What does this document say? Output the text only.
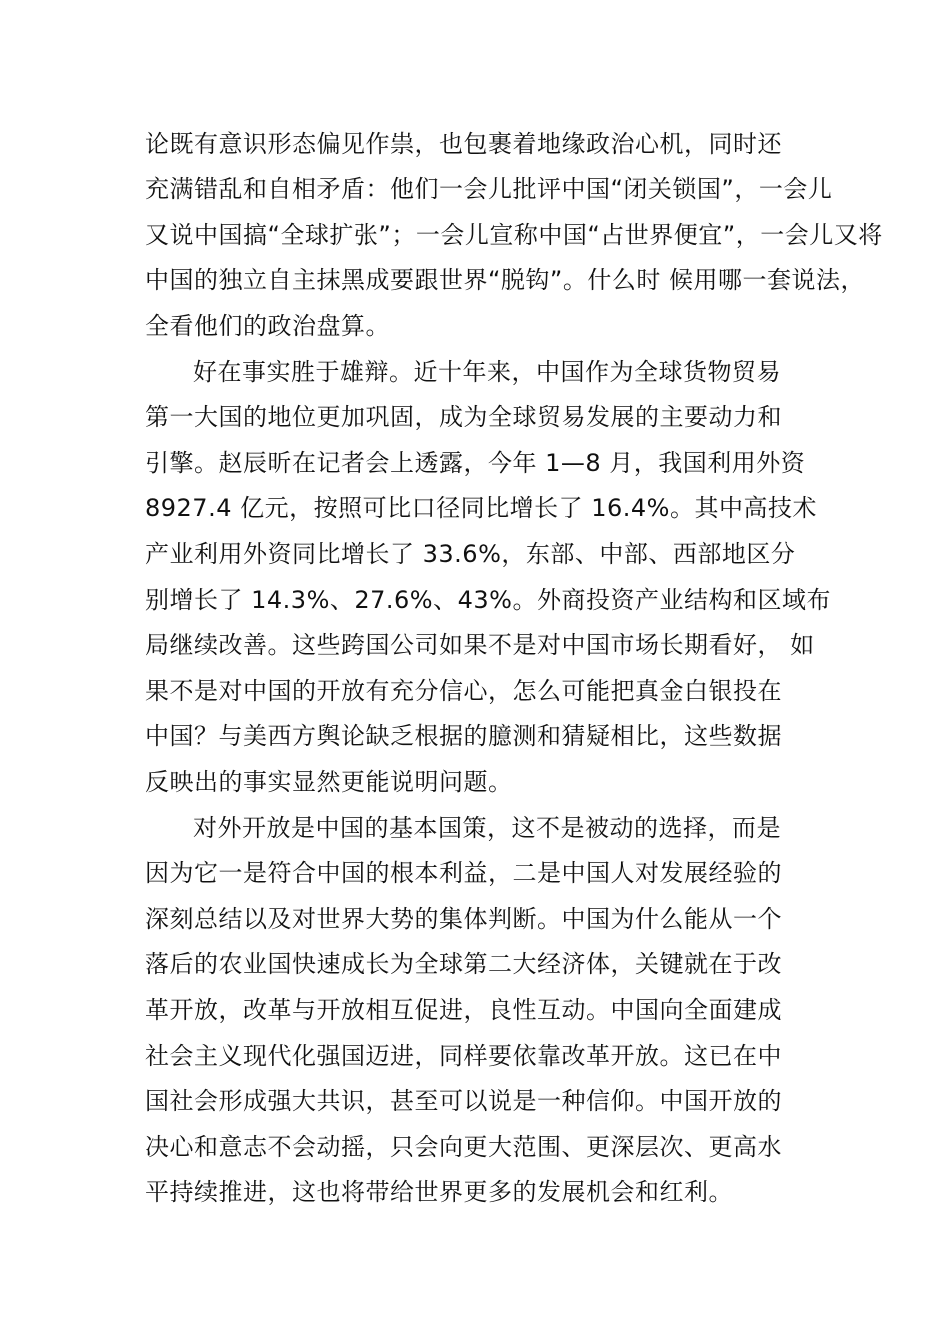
论既有意识形态偏见作祟，也包裹着地缘政治心机，同时还
充满错乱和自相矛盾：他们一会儿批评中国“闭关锁国”，一会儿
又说中国搞“全球扩张”；一会儿宣称中国“占世界便宜”，一会儿又将
中国的独立自主抹黑成要跟世界“脱钩”。什么时 候用哪一套说法，
全看他们的政治盘算。
好在事实胜于雄辩。近十年来，中国作为全球货物贸易
第一大国的地位更加巩固，成为全球贸易发展的主要动力和
引擎。赵辰昕在记者会上透露，今年 1—8 月，我国利用外资
8927.4 亿元，按照可比口径同比增长了 16.4%。其中高技术
产业利用外资同比增长了 33.6%，东部、中部、西部地区分
别增长了 14.3%、27.6%、43%。外商投资产业结构和区域布
局继续改善。这些跨国公司如果不是对中国市场长期看好， 如
果不是对中国的开放有充分信心，怎么可能把真金白银投在
中国？与美西方舆论缺乏根据的臆测和猜疑相比，这些数据
反映出的事实显然更能说明问题。
对外开放是中国的基本国策，这不是被动的选择，而是
因为它一是符合中国的根本利益，二是中国人对发展经验的
深刻总结以及对世界大势的集体判断。中国为什么能从一个
落后的农业国快速成长为全球第二大经济体，关键就在于改
革开放，改革与开放相互促进，良性互动。中国向全面建成
社会主义现代化强国迈进，同样要依靠改革开放。这已在中
国社会形成强大共识，甚至可以说是一种信仰。中国开放的
决心和意志不会动摇，只会向更大范围、更深层次、更高水
平持续推进，这也将带给世界更多的发展机会和红利。
